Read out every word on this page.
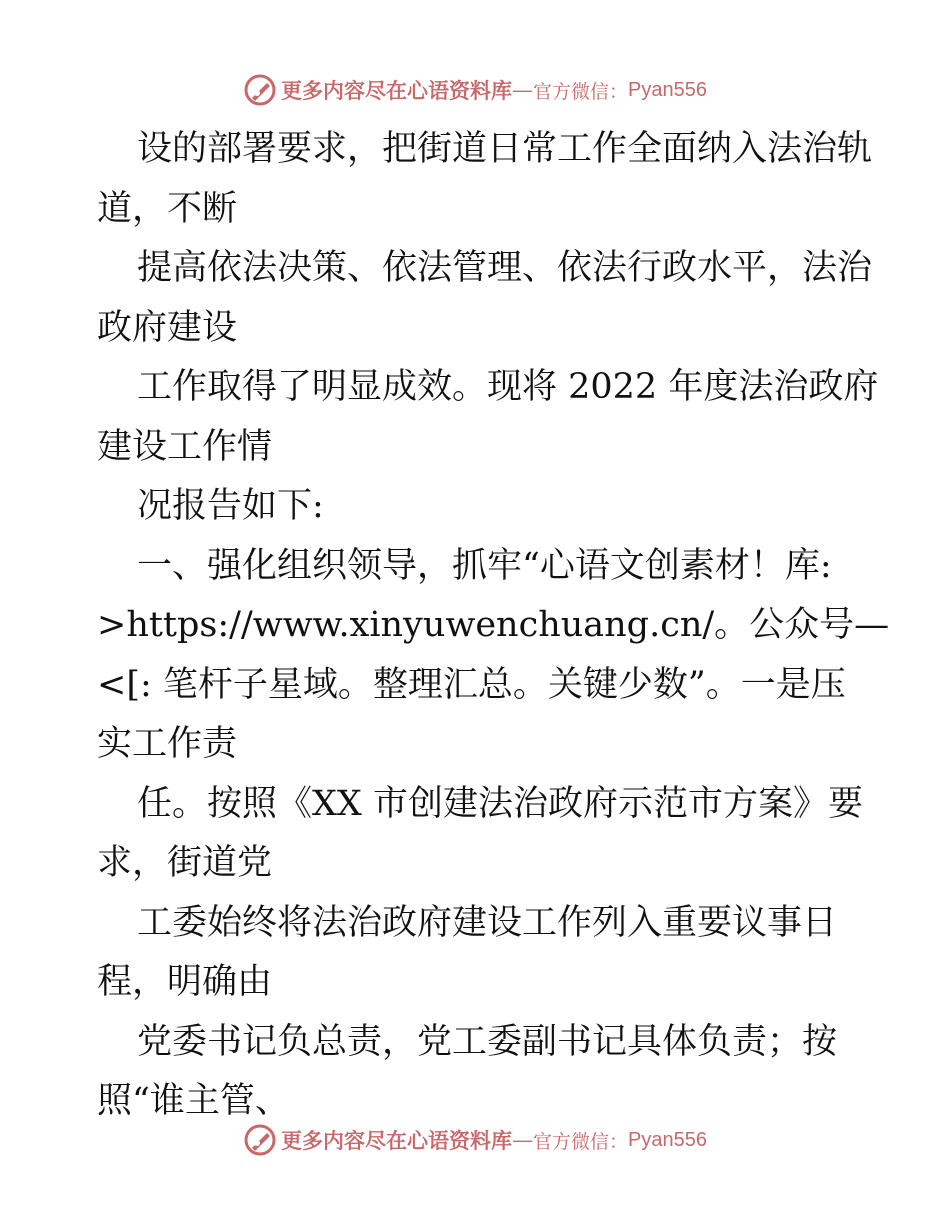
更多内容尽在心语资料库 — 官方微信： Pyan556
设的部署要求，把街道日常工作全面纳入法治轨
道，不断
提高依法决策、依法管理、依法行政水平，法治
政府建设
工作取得了明显成效。现将 2022 年度法治政府
建设工作情
况报告如下:
一、强化组织领导，抓牢“心语文创素材！库:
>https://www.xinyuwenchuang.cn/。公众号—
<[: 笔杆子星域。整理汇总。关键少数”。一是压
实工作责
任。按照《XX 市创建法治政府示范市方案》要
求，街道党
工委始终将法治政府建设工作列入重要议事日
程，明确由
党委书记负总责，党工委副书记具体负责；按
照“谁主管、
更多内容尽在心语资料库 — 官方微信： Pyan556
